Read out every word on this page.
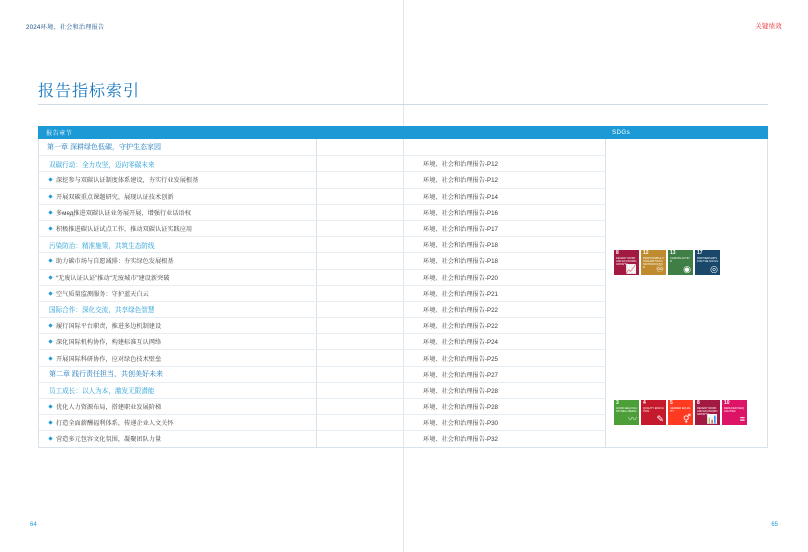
2024环境、社会和治理报告	关键绩效
报告指标索引
报告章节	SDGs
第一章 深耕绿色低碳，守护生态家园
双碳行动：全力攻坚，迈向零碳未来	环境、社会和治理报告-P12
深挖参与双碳认证制度体系建设，夯实行业发展根基	环境、社会和治理报告-P12
开展双碳重点课题研究，展现认证技术创新	环境、社会和治理报告-P14
多мед推进双碳认证业务展开展，增强行业话语权	环境、社会和治理报告-P16
积极推进碳认证试点工作，推动双碳认证实践应用	环境、社会和治理报告-P17
污染防治：精准施策，共筑生态防线	环境、社会和治理报告-P18
助力碳市场与自愿减排：夯实绿色发展根基	环境、社会和治理报告-P18
“无废认证认证”推动“无废城市”建设新突破	环境、社会和治理报告-P20
空气质量监测服务：守护蓝天白云	环境、社会和治理报告-P21
国际合作：深化交流，共享绿色智慧	环境、社会和治理报告-P22
履行国际平台职责，推进多边机制建设	环境、社会和治理报告-P22
深化国际机构协作，构建标准互认网络	环境、社会和治理报告-P24
开展国际科研协作，应对绿色技术壁垒	环境、社会和治理报告-P25
第二章 践行责任担当，共创美好未来	环境、社会和治理报告-P27
员工成长：以人为本，激发无限潜能	环境、社会和治理报告-P28
优化人力资源布局，搭建职业发展阶梯	环境、社会和治理报告-P28
打造全面薪酬福利体系，传递企业人文关怀	环境、社会和治理报告-P30
营造多元包容文化氛围，凝聚团队力量	环境、社会和治理报告-P32
8
DECENT WORK AND ECONOMIC GROWTH
📈
12
RESPONSIBLE CONSUMPTION AND PRODUCTION	♾
13
CLIMATE ACTION
◉
17
PARTNERSHIPS FOR THE GOALS
◎
3
GOOD HEALTH AND WELL-BEING
〰
4
QUALITY EDUCATION
✎
5
GENDER EQUALITY
⚥
8
DECENT WORK AND ECONOMIC GROWTH
📊
10
REDUCED INEQUALITIES
≡
64	65
